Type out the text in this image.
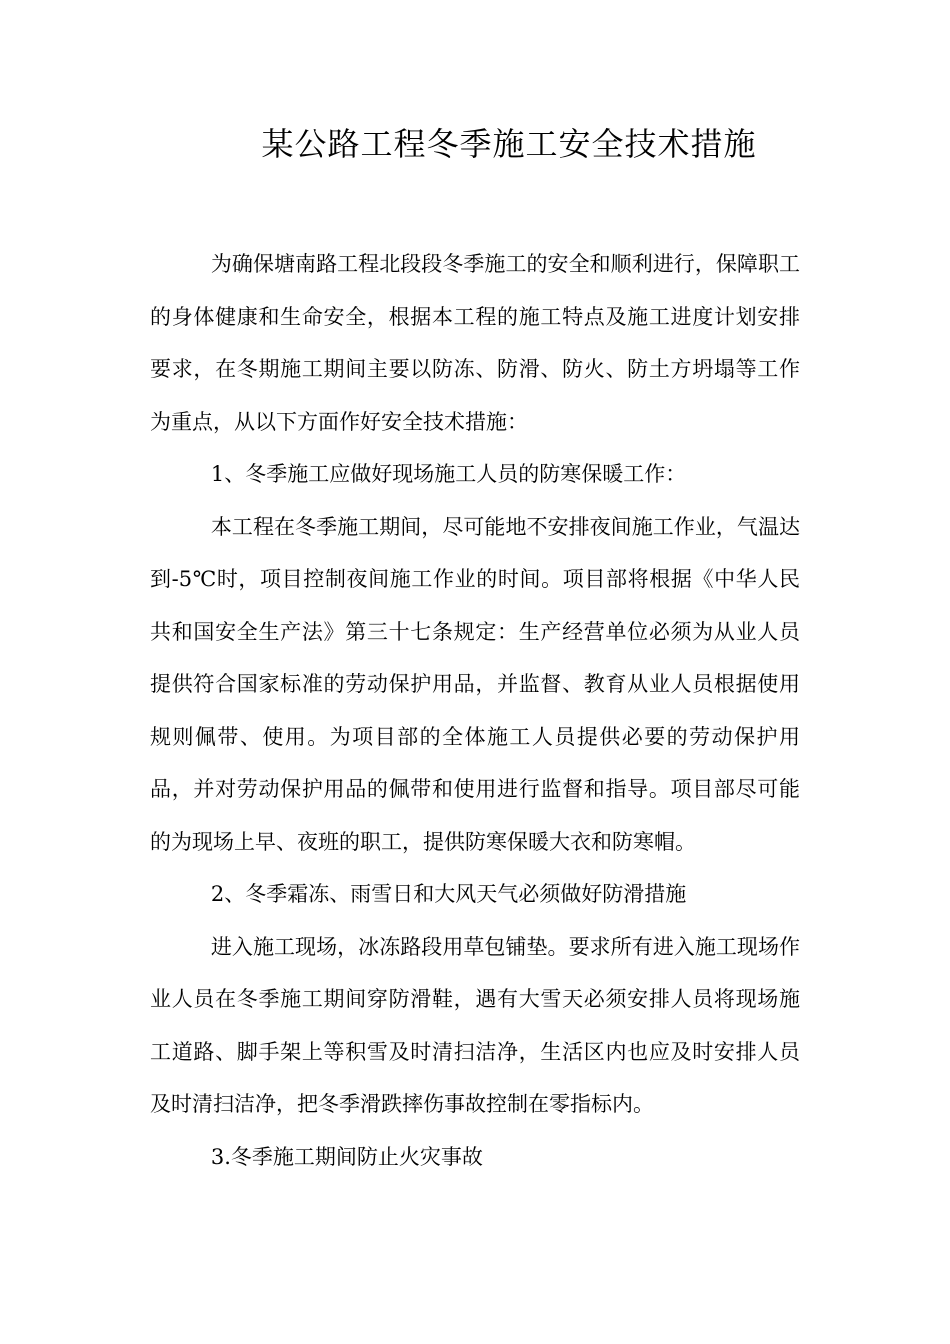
某公路工程冬季施工安全技术措施

为确保塘南路工程北段段冬季施工的安全和顺利进行，保障职工的身体健康和生命安全，根据本工程的施工特点及施工进度计划安排要求，在冬期施工期间主要以防冻、防滑、防火、防土方坍塌等工作为重点，从以下方面作好安全技术措施：

1、冬季施工应做好现场施工人员的防寒保暖工作：

本工程在冬季施工期间，尽可能地不安排夜间施工作业，气温达到-5℃时，项目控制夜间施工作业的时间。项目部将根据《中华人民共和国安全生产法》第三十七条规定：生产经营单位必须为从业人员提供符合国家标准的劳动保护用品，并监督、教育从业人员根据使用规则佩带、使用。为项目部的全体施工人员提供必要的劳动保护用品，并对劳动保护用品的佩带和使用进行监督和指导。项目部尽可能的为现场上早、夜班的职工，提供防寒保暖大衣和防寒帽。

2、冬季霜冻、雨雪日和大风天气必须做好防滑措施

进入施工现场，冰冻路段用草包铺垫。要求所有进入施工现场作业人员在冬季施工期间穿防滑鞋，遇有大雪天必须安排人员将现场施工道路、脚手架上等积雪及时清扫洁净，生活区内也应及时安排人员及时清扫洁净，把冬季滑跌摔伤事故控制在零指标内。

3.冬季施工期间防止火灾事故
